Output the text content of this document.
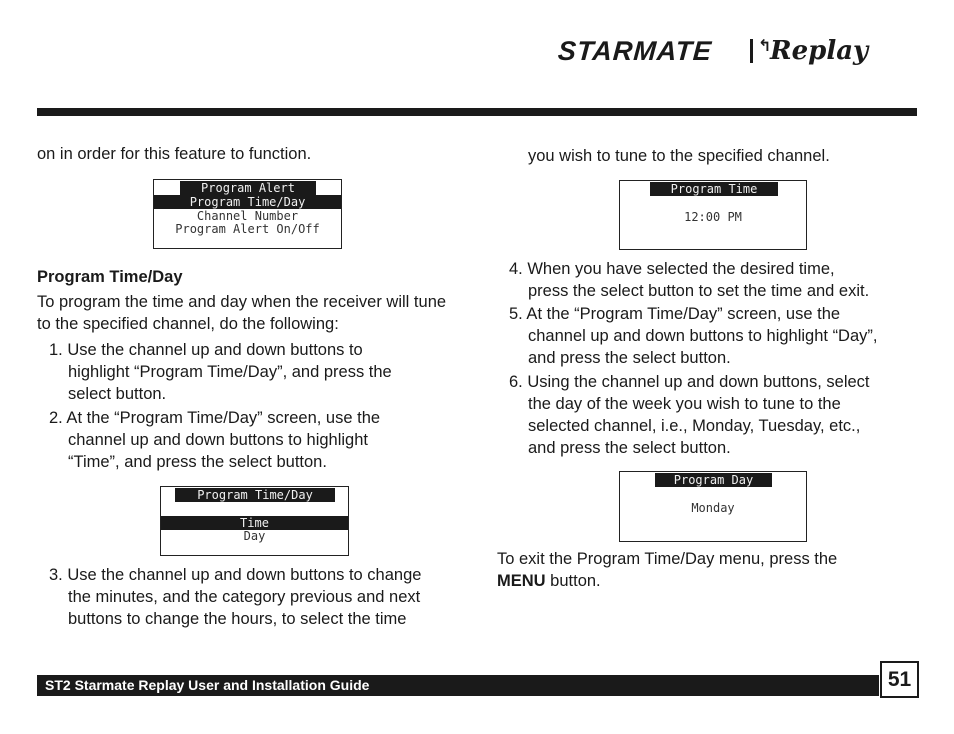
STARMATE	↰
Replay

on in order for this feature to function.

Program Alert
Program Time/Day
Channel Number
Program Alert On/Off

Program Time/Day

To program the time and day when the receiver will tune to the specified channel, do the following:

1. Use the channel up and down buttons to

highlight “Program Time/Day”, and press the

select button.

2. At the “Program Time/Day” screen, use the

channel up and down buttons to highlight

“Time”, and press the select button.

Program Time/Day
Time
Day

3. Use the channel up and down buttons to change

the minutes, and the category previous and next

buttons to change the hours, to select the time

you wish to tune to the specified channel.

Program Time
12:00 PM

4. When you have selected the desired time,

press the select button to set the time and exit.

5. At the “Program Time/Day” screen, use the

channel up and down buttons to highlight “Day”,

and press the select button.

6. Using the channel up and down buttons, select

the day of the week you wish to tune to the

selected channel, i.e., Monday, Tuesday, etc.,

and press the select button.

Program Day
Monday

To exit the Program Time/Day menu, press the

MENU button.

ST2 Starmate Replay User and Installation Guide	51
